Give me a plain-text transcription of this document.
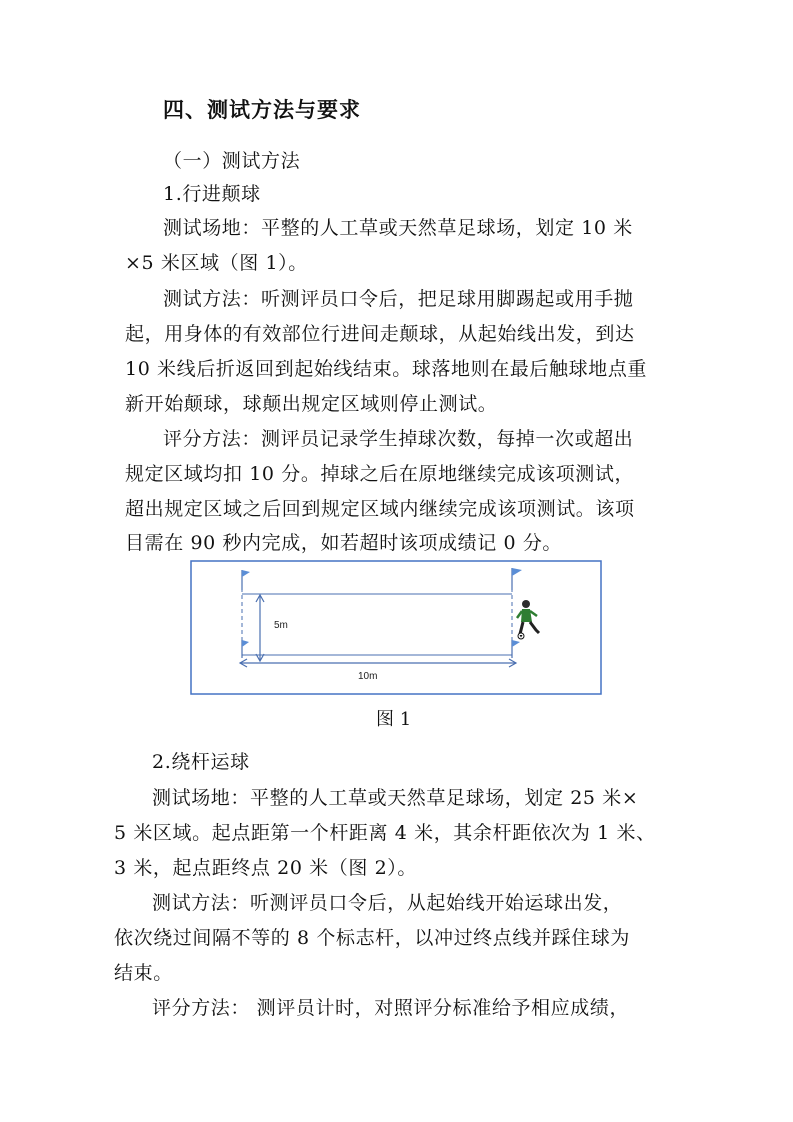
四、测试方法与要求
（一）测试方法
1.行进颠球
测试场地：平整的人工草或天然草足球场，划定 10 米
×5 米区域（图 1）。
测试方法：听测评员口令后，把足球用脚踢起或用手抛
起，用身体的有效部位行进间走颠球，从起始线出发，到达
10 米线后折返回到起始线结束。球落地则在最后触球地点重
新开始颠球，球颠出规定区域则停止测试。
评分方法：测评员记录学生掉球次数，每掉一次或超出
规定区域均扣 10 分。掉球之后在原地继续完成该项测试，
超出规定区域之后回到规定区域内继续完成该项测试。该项
目需在 90 秒内完成，如若超时该项成绩记 0 分。
5m
10m
图 1
2.绕杆运球
测试场地：平整的人工草或天然草足球场，划定 25 米×
5 米区域。起点距第一个杆距离 4 米，其余杆距依次为 1 米、
3 米，起点距终点 20 米（图 2）。
测试方法：听测评员口令后，从起始线开始运球出发，
依次绕过间隔不等的 8 个标志杆，以冲过终点线并踩住球为
结束。
评分方法： 测评员计时，对照评分标准给予相应成绩，
